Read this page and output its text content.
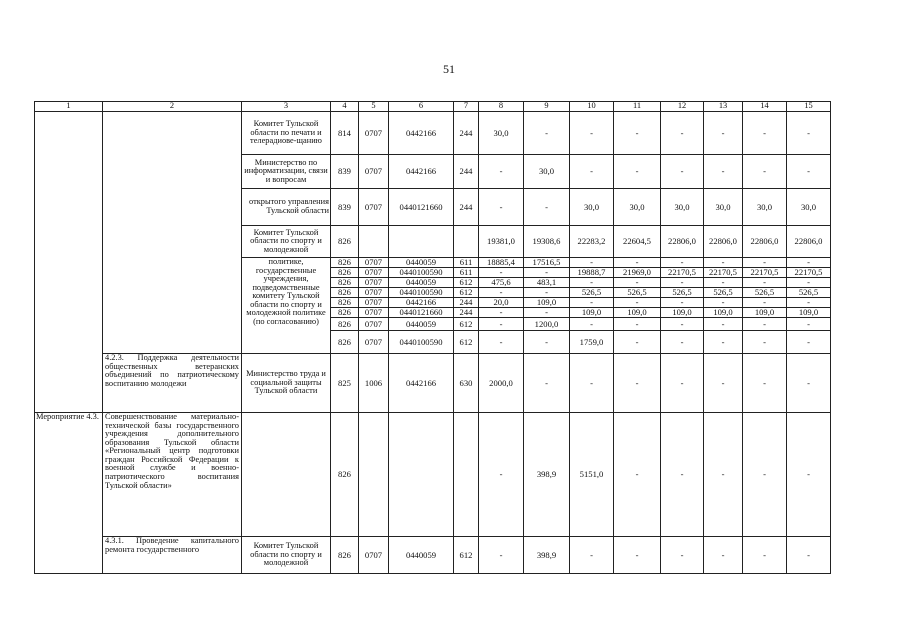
51
1	2	3	4	5	6	7	8	9	10	11	12	13	14	15
		Комитет Тульской области по печати и телерадиове-щанию	814	0707	0442166	244	30,0	-	-	-	-	-	-	-
		Министерство по информатизации, связи и вопросам	839	0707	0442166	244	-	30,0	-	-	-	-	-	-
		открытого управления Тульской области	839	0707	0440121660	244	-	-	30,0	30,0	30,0	30,0	30,0	30,0
		Комитет Тульской области по спорту и молодежной	826				19381,0	19308,6	22283,2	22604,5	22806,0	22806,0	22806,0	22806,0
		политике, государственные учреждения, подведомственные комитету Тульской области по спорту и молодежной политике (по согласованию)	826	0707	0440059	611	18885,4	17516,5	-	-	-	-	-	-
			826	0707	0440100590	611	-	-	19888,7	21969,0	22170,5	22170,5	22170,5	22170,5
			826	0707	0440059	612	475,6	483,1	-	-	-	-	-	-
			826	0707	0440100590	612	-	-	526,5	526,5	526,5	526,5	526,5	526,5
			826	0707	0442166	244	20,0	109,0	-	-	-	-	-	-
			826	0707	0440121660	244	-	-	109,0	109,0	109,0	109,0	109,0	109,0
			826	0707	0440059	612	-	1200,0	-	-	-	-	-	-
			826	0707	0440100590	612	-	-	1759,0	-	-	-	-	-
	4.2.3. Поддержка деятельности общественных ветеранских объединений по патриотическому воспитанию молодежи	Министерство труда и социальной защиты Тульской области	825	1006	0442166	630	2000,0	-	-	-	-	-	-	-
Мероприятие 4.3.	Совершенствование материально-технической базы государственного учреждения дополнительного образования Тульской области «Региональный центр подготовки граждан Российской Федерации к военной службе и военно-патриотического воспитания Тульской области»		826				-	398,9	5151,0	-	-	-	-	-
	4.3.1. Проведение капитального ремонта государственного	Комитет Тульской области по спорту и молодежной	826	0707	0440059	612	-	398,9	-	-	-	-	-	-
